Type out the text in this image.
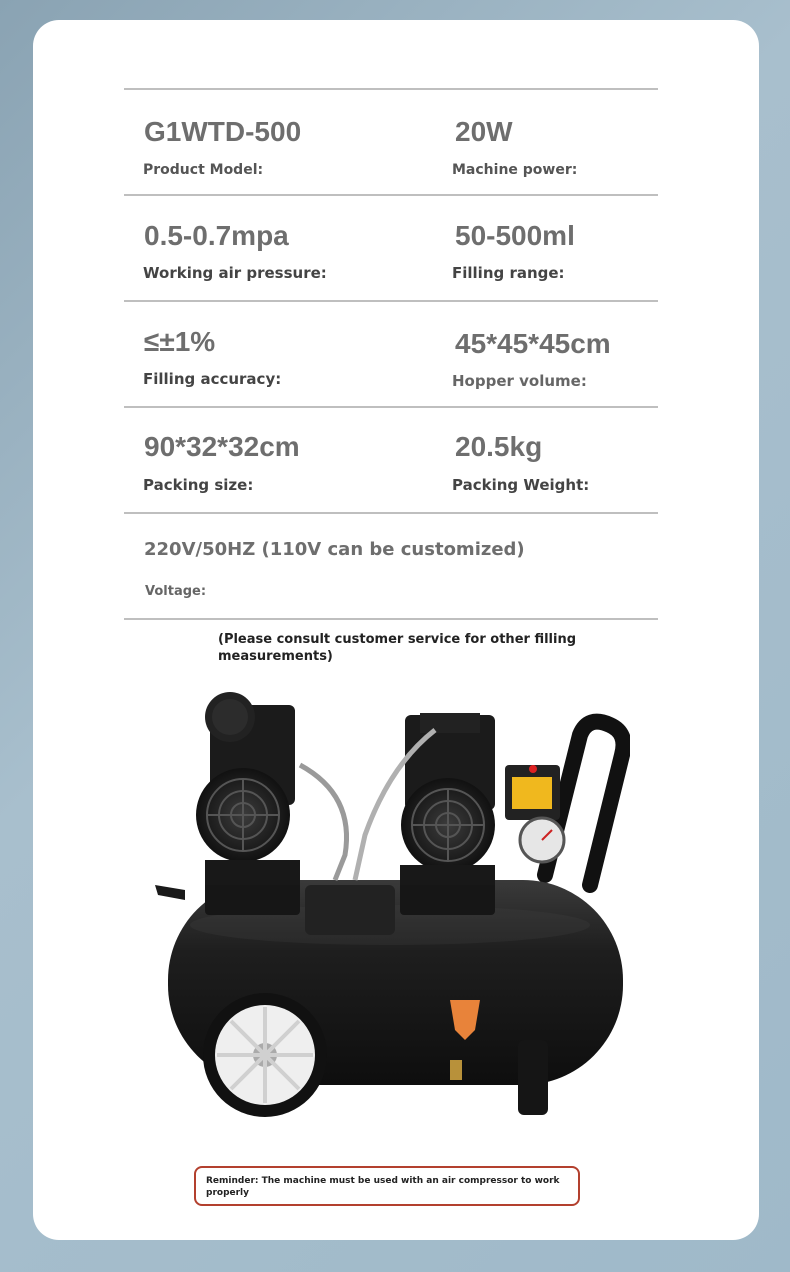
G1WTD-500
Product Model:
20W
Machine power:
0.5-0.7mpa
Working air pressure:
50-500ml
Filling range:
≤±1%
Filling accuracy:
45*45*45cm
Hopper volume:
90*32*32cm
Packing size:
20.5kg
Packing Weight:
220V/50HZ (110V can be customized)
Voltage:
(Please consult customer service for other filling measurements)
Reminder: The machine must be used with an air compressor to work properly
